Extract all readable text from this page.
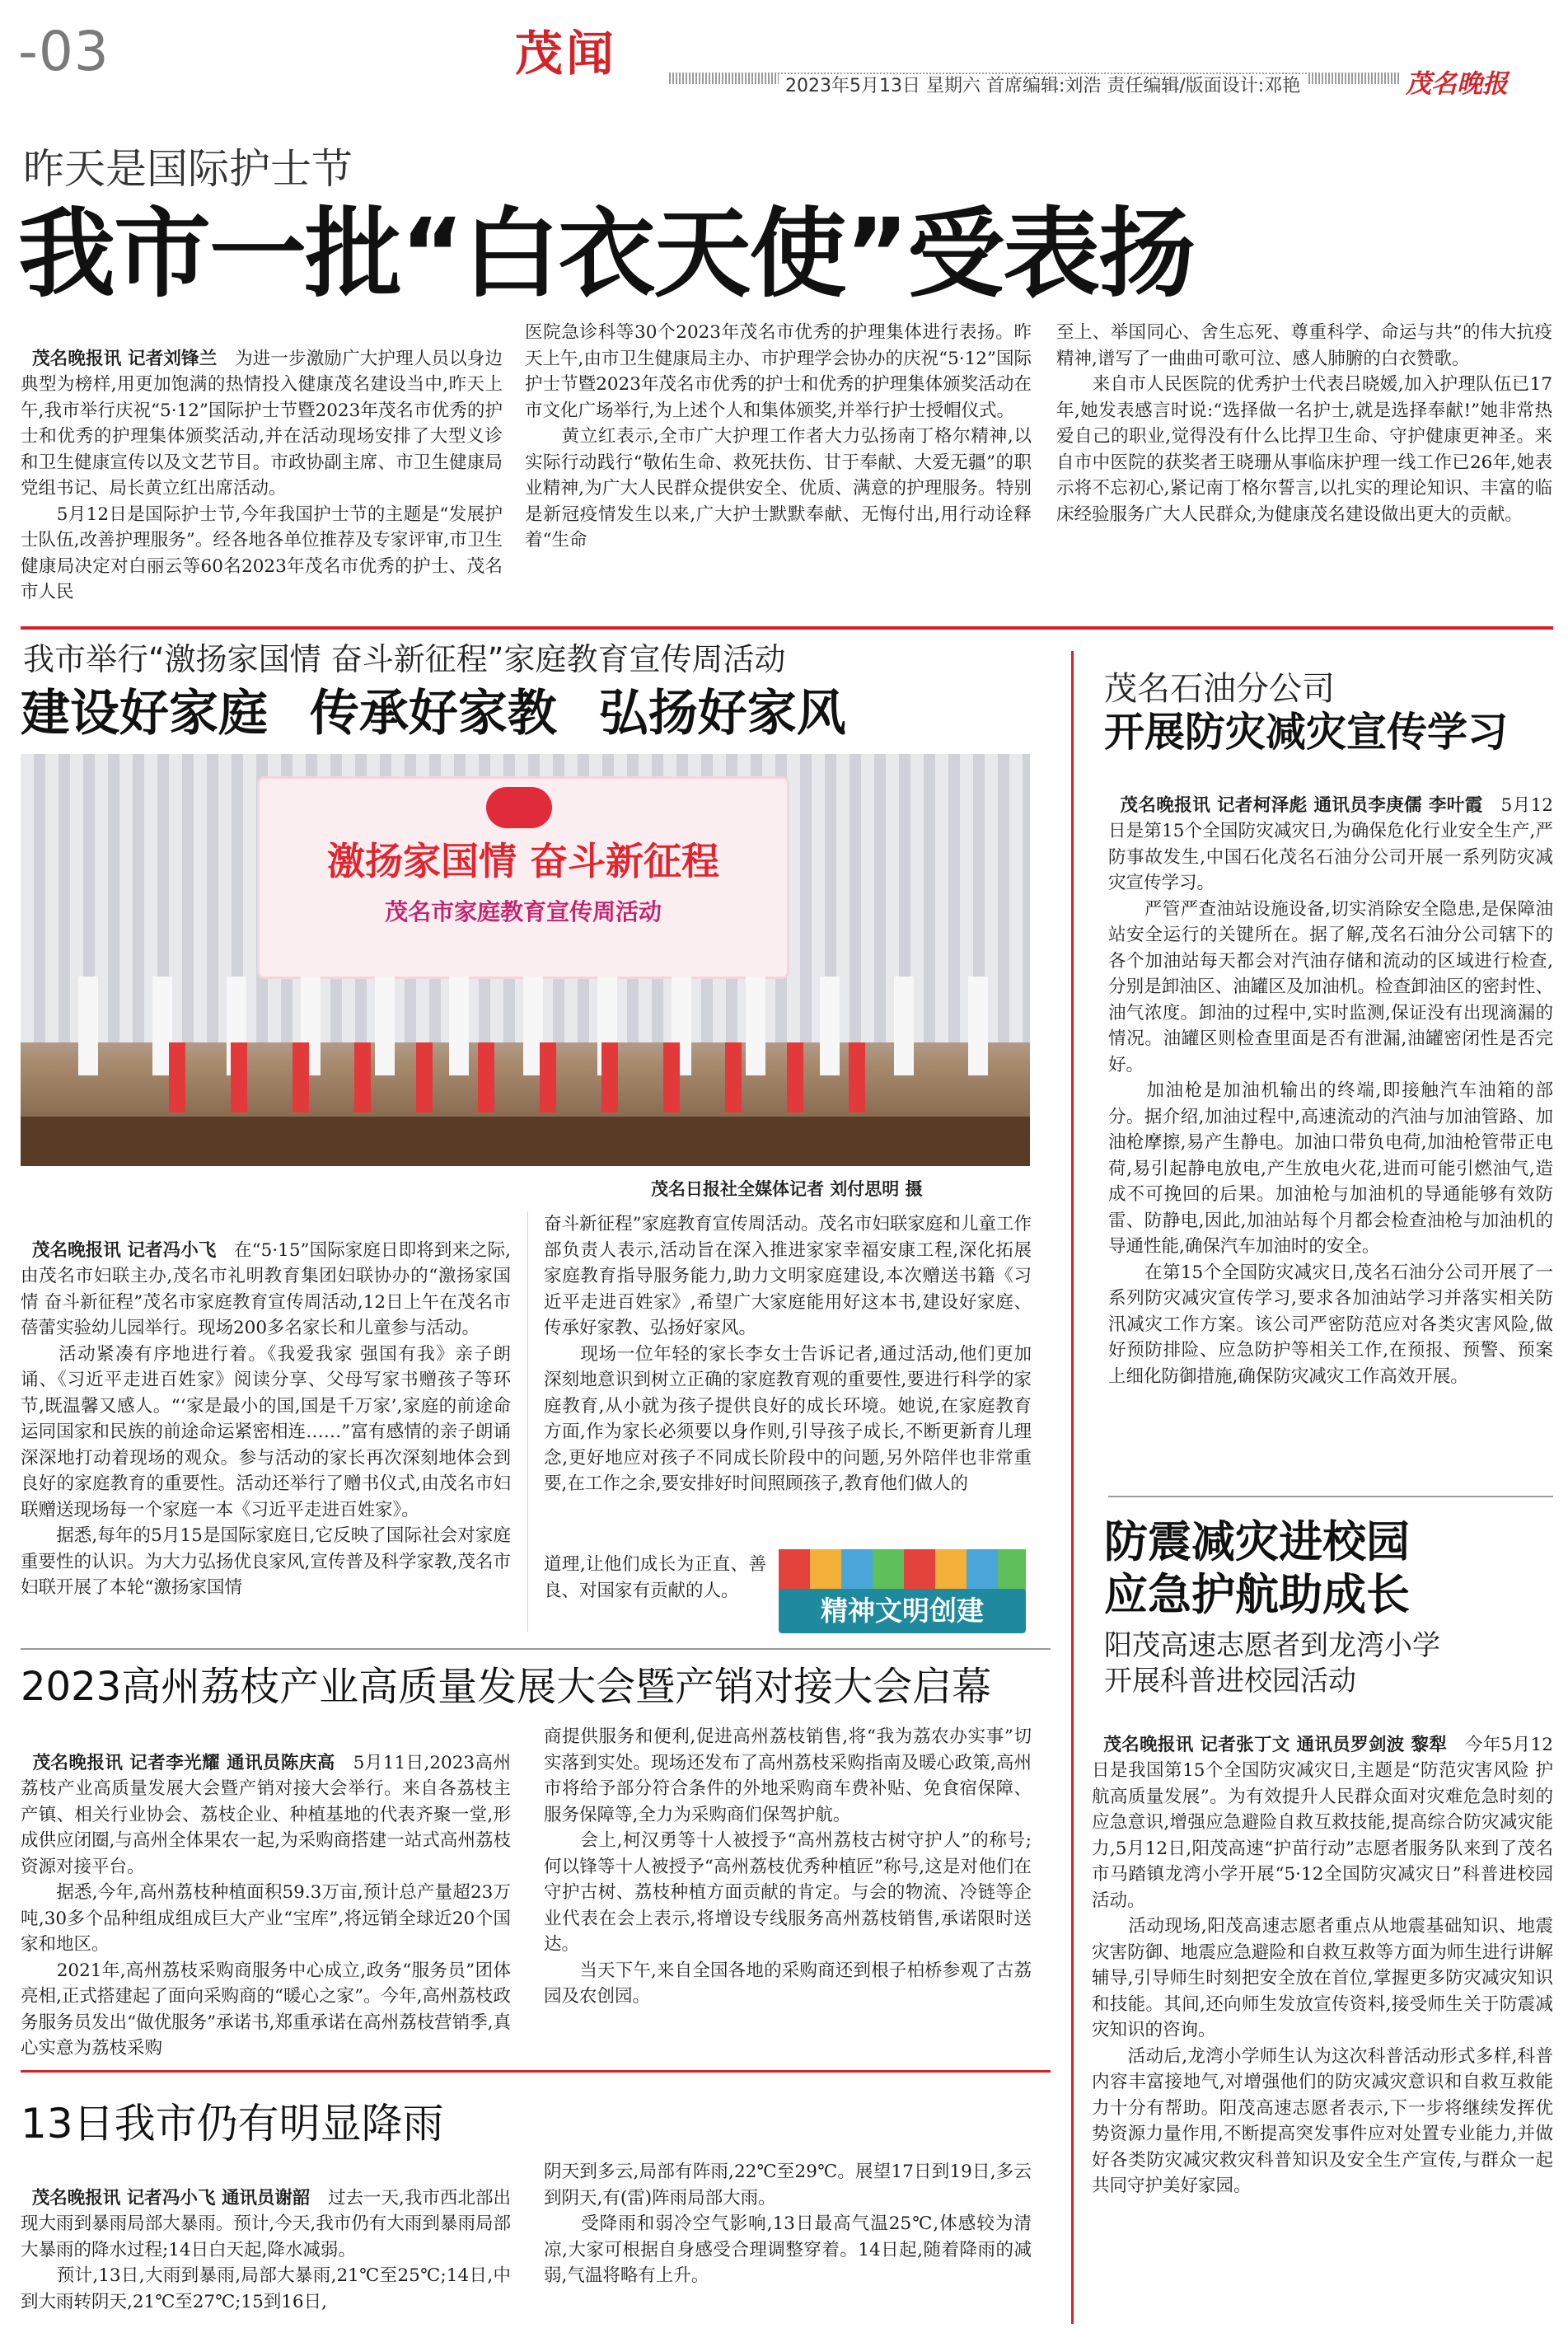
-03	茂闻
2023年5月13日 星期六 首席编辑:刘浩 责任编辑/版面设计:邓艳	茂名晚报
昨天是国际护士节
我市一批“白衣天使”受表扬

茂名晚报讯 记者刘锋兰　 为进一步激励广大护理人员以身边典型为榜样,用更加饱满的热情投入健康茂名建设当中,昨天上午,我市举行庆祝“5·12”国际护士节暨2023年茂名市优秀的护士和优秀的护理集体颁奖活动,并在活动现场安排了大型义诊和卫生健康宣传以及文艺节目。市政协副主席、市卫生健康局党组书记、局长黄立红出席活动。
　　5月12日是国际护士节,今年我国护士节的主题是“发展护士队伍,改善护理服务”。经各地各单位推荐及专家评审,市卫生健康局决定对白丽云等60名2023年茂名市优秀的护士、茂名市人民

医院急诊科等30个2023年茂名市优秀的护理集体进行表扬。昨天上午,由市卫生健康局主办、市护理学会协办的庆祝“5·12”国际护士节暨2023年茂名市优秀的护士和优秀的护理集体颁奖活动在市文化广场举行,为上述个人和集体颁奖,并举行护士授帽仪式。
　　黄立红表示,全市广大护理工作者大力弘扬南丁格尔精神,以实际行动践行“敬佑生命、救死扶伤、甘于奉献、大爱无疆”的职业精神,为广大人民群众提供安全、优质、满意的护理服务。特别是新冠疫情发生以来,广大护士默默奉献、无悔付出,用行动诠释着“生命
至上、举国同心、舍生忘死、尊重科学、命运与共”的伟大抗疫精神,谱写了一曲曲可歌可泣、感人肺腑的白衣赞歌。
　　来自市人民医院的优秀护士代表吕晓媛,加入护理队伍已17年,她发表感言时说:“选择做一名护士,就是选择奉献!”她非常热爱自己的职业,觉得没有什么比捍卫生命、守护健康更神圣。来自市中医院的获奖者王晓珊从事临床护理一线工作已26年,她表示将不忘初心,紧记南丁格尔誓言,以扎实的理论知识、丰富的临床经验服务广大人民群众,为健康茂名建设做出更大的贡献。
我市举行“激扬家国情 奋斗新征程”家庭教育宣传周活动
建设好家庭 传承好家教 弘扬好家风
激扬家国情 奋斗新征程
茂名市家庭教育宣传周活动
茂名日报社全媒体记者 刘付思明 摄

茂名晚报讯 记者冯小飞　 在“5·15”国际家庭日即将到来之际,由茂名市妇联主办,茂名市礼明教育集团妇联协办的“激扬家国情 奋斗新征程”茂名市家庭教育宣传周活动,12日上午在茂名市蓓蕾实验幼儿园举行。现场200多名家长和儿童参与活动。
　　活动紧凑有序地进行着。《我爱我家 强国有我》亲子朗诵、《习近平走进百姓家》阅读分享、父母写家书赠孩子等环节,既温馨又感人。“‘家是最小的国,国是千万家’,家庭的前途命运同国家和民族的前途命运紧密相连……”富有感情的亲子朗诵深深地打动着现场的观众。参与活动的家长再次深刻地体会到良好的家庭教育的重要性。活动还举行了赠书仪式,由茂名市妇联赠送现场每一个家庭一本《习近平走进百姓家》。
　　据悉,每年的5月15是国际家庭日,它反映了国际社会对家庭重要性的认识。为大力弘扬优良家风,宣传普及科学家教,茂名市妇联开展了本轮“激扬家国情

奋斗新征程”家庭教育宣传周活动。茂名市妇联家庭和儿童工作部负责人表示,活动旨在深入推进家家幸福安康工程,深化拓展家庭教育指导服务能力,助力文明家庭建设,本次赠送书籍《习近平走进百姓家》,希望广大家庭能用好这本书,建设好家庭、传承好家教、弘扬好家风。
　　现场一位年轻的家长李女士告诉记者,通过活动,他们更加深刻地意识到树立正确的家庭教育观的重要性,要进行科学的家庭教育,从小就为孩子提供良好的成长环境。她说,在家庭教育方面,作为家长必须要以身作则,引导孩子成长,不断更新育儿理念,更好地应对孩子不同成长阶段中的问题,另外陪伴也非常重要,在工作之余,要安排好时间照顾孩子,教育他们做人的
道理,让他们成长为正直、善良、对国家有贡献的人。
精神文明创建
茂名石油分公司
开展防灾减灾宣传学习

茂名晚报讯 记者柯泽彪 通讯员李庚儒 李叶霞　 5月12日是第15个全国防灾减灾日,为确保危化行业安全生产,严防事故发生,中国石化茂名石油分公司开展一系列防灾减灾宣传学习。
　　严管严查油站设施设备,切实消除安全隐患,是保障油站安全运行的关键所在。据了解,茂名石油分公司辖下的各个加油站每天都会对汽油存储和流动的区域进行检查,分别是卸油区、油罐区及加油机。检查卸油区的密封性、油气浓度。卸油的过程中,实时监测,保证没有出现滴漏的情况。油罐区则检查里面是否有泄漏,油罐密闭性是否完好。
　　加油枪是加油机输出的终端,即接触汽车油箱的部分。据介绍,加油过程中,高速流动的汽油与加油管路、加油枪摩擦,易产生静电。加油口带负电荷,加油枪管带正电荷,易引起静电放电,产生放电火花,进而可能引燃油气,造成不可挽回的后果。加油枪与加油机的导通能够有效防雷、防静电,因此,加油站每个月都会检查油枪与加油机的导通性能,确保汽车加油时的安全。
　　在第15个全国防灾减灾日,茂名石油分公司开展了一系列防灾减灾宣传学习,要求各加油站学习并落实相关防汛减灾工作方案。该公司严密防范应对各类灾害风险,做好预防排险、应急防护等相关工作,在预报、预警、预案上细化防御措施,确保防灾减灾工作高效开展。

防震减灾进校园
应急护航助成长
阳茂高速志愿者到龙湾小学
开展科普进校园活动

茂名晚报讯 记者张丁文 通讯员罗剑波 黎犁　 今年5月12日是我国第15个全国防灾减灾日,主题是“防范灾害风险 护航高质量发展”。为有效提升人民群众面对灾难危急时刻的应急意识,增强应急避险自救互救技能,提高综合防灾减灾能力,5月12日,阳茂高速“护苗行动”志愿者服务队来到了茂名市马踏镇龙湾小学开展“5·12全国防灾减灾日”科普进校园活动。
　　活动现场,阳茂高速志愿者重点从地震基础知识、地震灾害防御、地震应急避险和自救互救等方面为师生进行讲解辅导,引导师生时刻把安全放在首位,掌握更多防灾减灾知识和技能。其间,还向师生发放宣传资料,接受师生关于防震减灾知识的咨询。
　　活动后,龙湾小学师生认为这次科普活动形式多样,科普内容丰富接地气,对增强他们的防灾减灾意识和自救互救能力十分有帮助。阳茂高速志愿者表示,下一步将继续发挥优势资源力量作用,不断提高突发事件应对处置专业能力,并做好各类防灾减灾救灾科普知识及安全生产宣传,与群众一起共同守护美好家园。

2023高州荔枝产业高质量发展大会暨产销对接大会启幕

茂名晚报讯 记者李光耀 通讯员陈庆高　 5月11日,2023高州荔枝产业高质量发展大会暨产销对接大会举行。来自各荔枝主产镇、相关行业协会、荔枝企业、种植基地的代表齐聚一堂,形成供应闭圈,与高州全体果农一起,为采购商搭建一站式高州荔枝资源对接平台。
　　据悉,今年,高州荔枝种植面积59.3万亩,预计总产量超23万吨,30多个品种组成组成巨大产业“宝库”,将远销全球近20个国家和地区。
　　2021年,高州荔枝采购商服务中心成立,政务“服务员”团体亮相,正式搭建起了面向采购商的“暖心之家”。今年,高州荔枝政务服务员发出“做优服务”承诺书,郑重承诺在高州荔枝营销季,真心实意为荔枝采购

商提供服务和便利,促进高州荔枝销售,将“我为荔农办实事”切实落到实处。现场还发布了高州荔枝采购指南及暖心政策,高州市将给予部分符合条件的外地采购商车费补贴、免食宿保障、服务保障等,全力为采购商们保驾护航。
　　会上,柯汉勇等十人被授予“高州荔枝古树守护人”的称号;何以锋等十人被授予“高州荔枝优秀种植匠”称号,这是对他们在守护古树、荔枝种植方面贡献的肯定。与会的物流、冷链等企业代表在会上表示,将增设专线服务高州荔枝销售,承诺限时送达。
　　当天下午,来自全国各地的采购商还到根子柏桥参观了古荔园及农创园。
13日我市仍有明显降雨

茂名晚报讯 记者冯小飞 通讯员谢韶　 过去一天,我市西北部出现大雨到暴雨局部大暴雨。预计,今天,我市仍有大雨到暴雨局部大暴雨的降水过程;14日白天起,降水减弱。
　　预计,13日,大雨到暴雨,局部大暴雨,21℃至25℃;14日,中到大雨转阴天,21℃至27℃;15到16日,

阴天到多云,局部有阵雨,22℃至29℃。展望17日到19日,多云到阴天,有(雷)阵雨局部大雨。
　　受降雨和弱冷空气影响,13日最高气温25℃,体感较为清凉,大家可根据自身感受合理调整穿着。14日起,随着降雨的减弱,气温将略有上升。
